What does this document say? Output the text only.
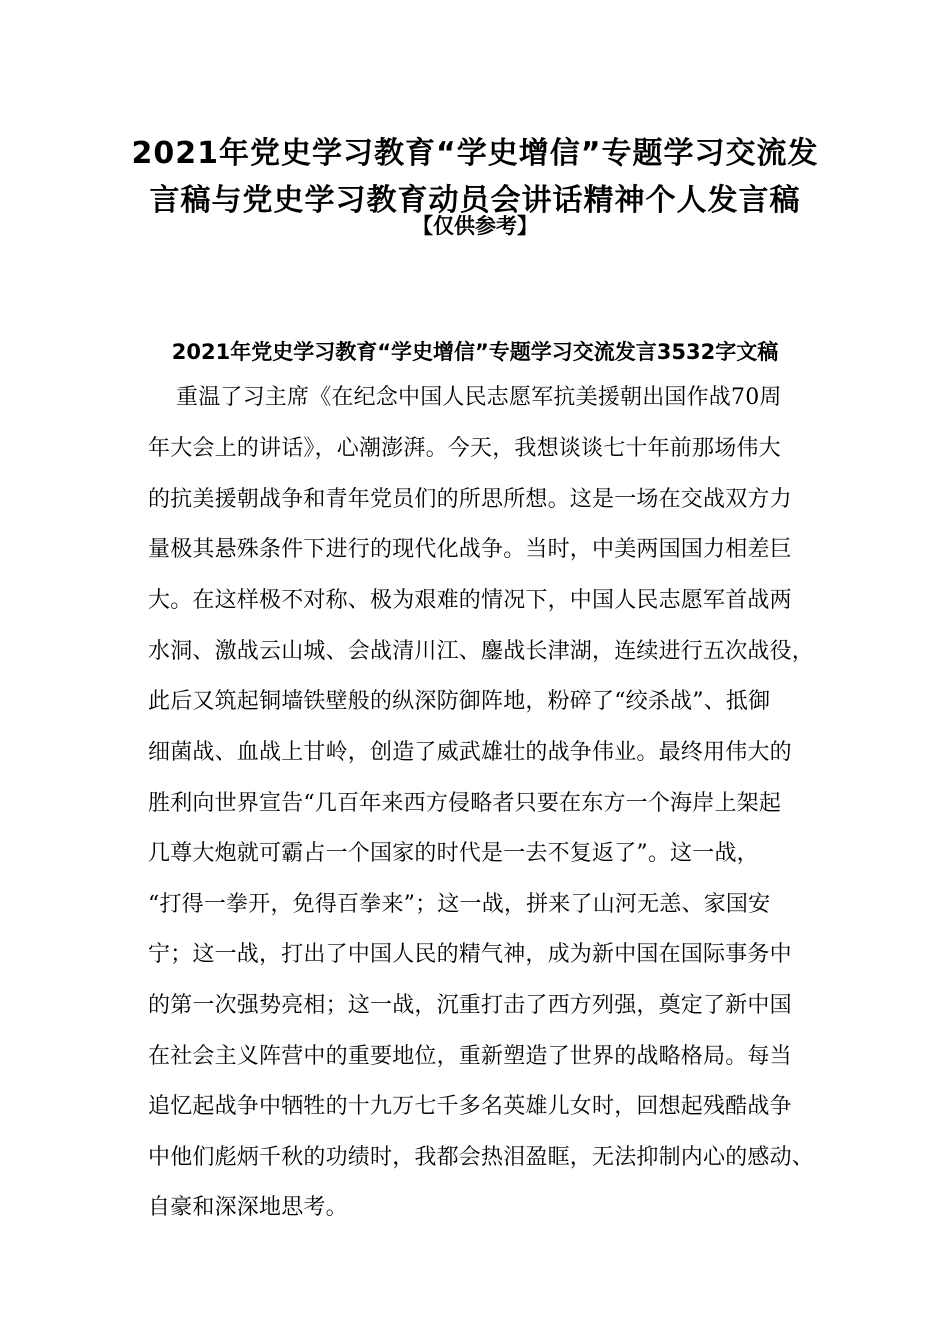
2021年党史学习教育“学史增信”专题学习交流发
言稿与党史学习教育动员会讲话精神个人发言稿
【仅供参考】
2021年党史学习教育“学史增信”专题学习交流发言3532字文稿
重温了习主席《在纪念中国人民志愿军抗美援朝出国作战70周
年大会上的讲话》，心潮澎湃。今天，我想谈谈七十年前那场伟大
的抗美援朝战争和青年党员们的所思所想。这是一场在交战双方力
量极其悬殊条件下进行的现代化战争。当时，中美两国国力相差巨
大。在这样极不对称、极为艰难的情况下，中国人民志愿军首战两
水洞、激战云山城、会战清川江、鏖战长津湖，连续进行五次战役，
此后又筑起铜墙铁壁般的纵深防御阵地，粉碎了“绞杀战”、抵御
细菌战、血战上甘岭，创造了威武雄壮的战争伟业。最终用伟大的
胜利向世界宣告“几百年来西方侵略者只要在东方一个海岸上架起
几尊大炮就可霸占一个国家的时代是一去不复返了”。这一战，
“打得一拳开，免得百拳来”；这一战，拼来了山河无恙、家国安
宁；这一战，打出了中国人民的精气神，成为新中国在国际事务中
的第一次强势亮相；这一战，沉重打击了西方列强，奠定了新中国
在社会主义阵营中的重要地位，重新塑造了世界的战略格局。每当
追忆起战争中牺牲的十九万七千多名英雄儿女时，回想起残酷战争
中他们彪炳千秋的功绩时，我都会热泪盈眶，无法抑制内心的感动、
自豪和深深地思考。
